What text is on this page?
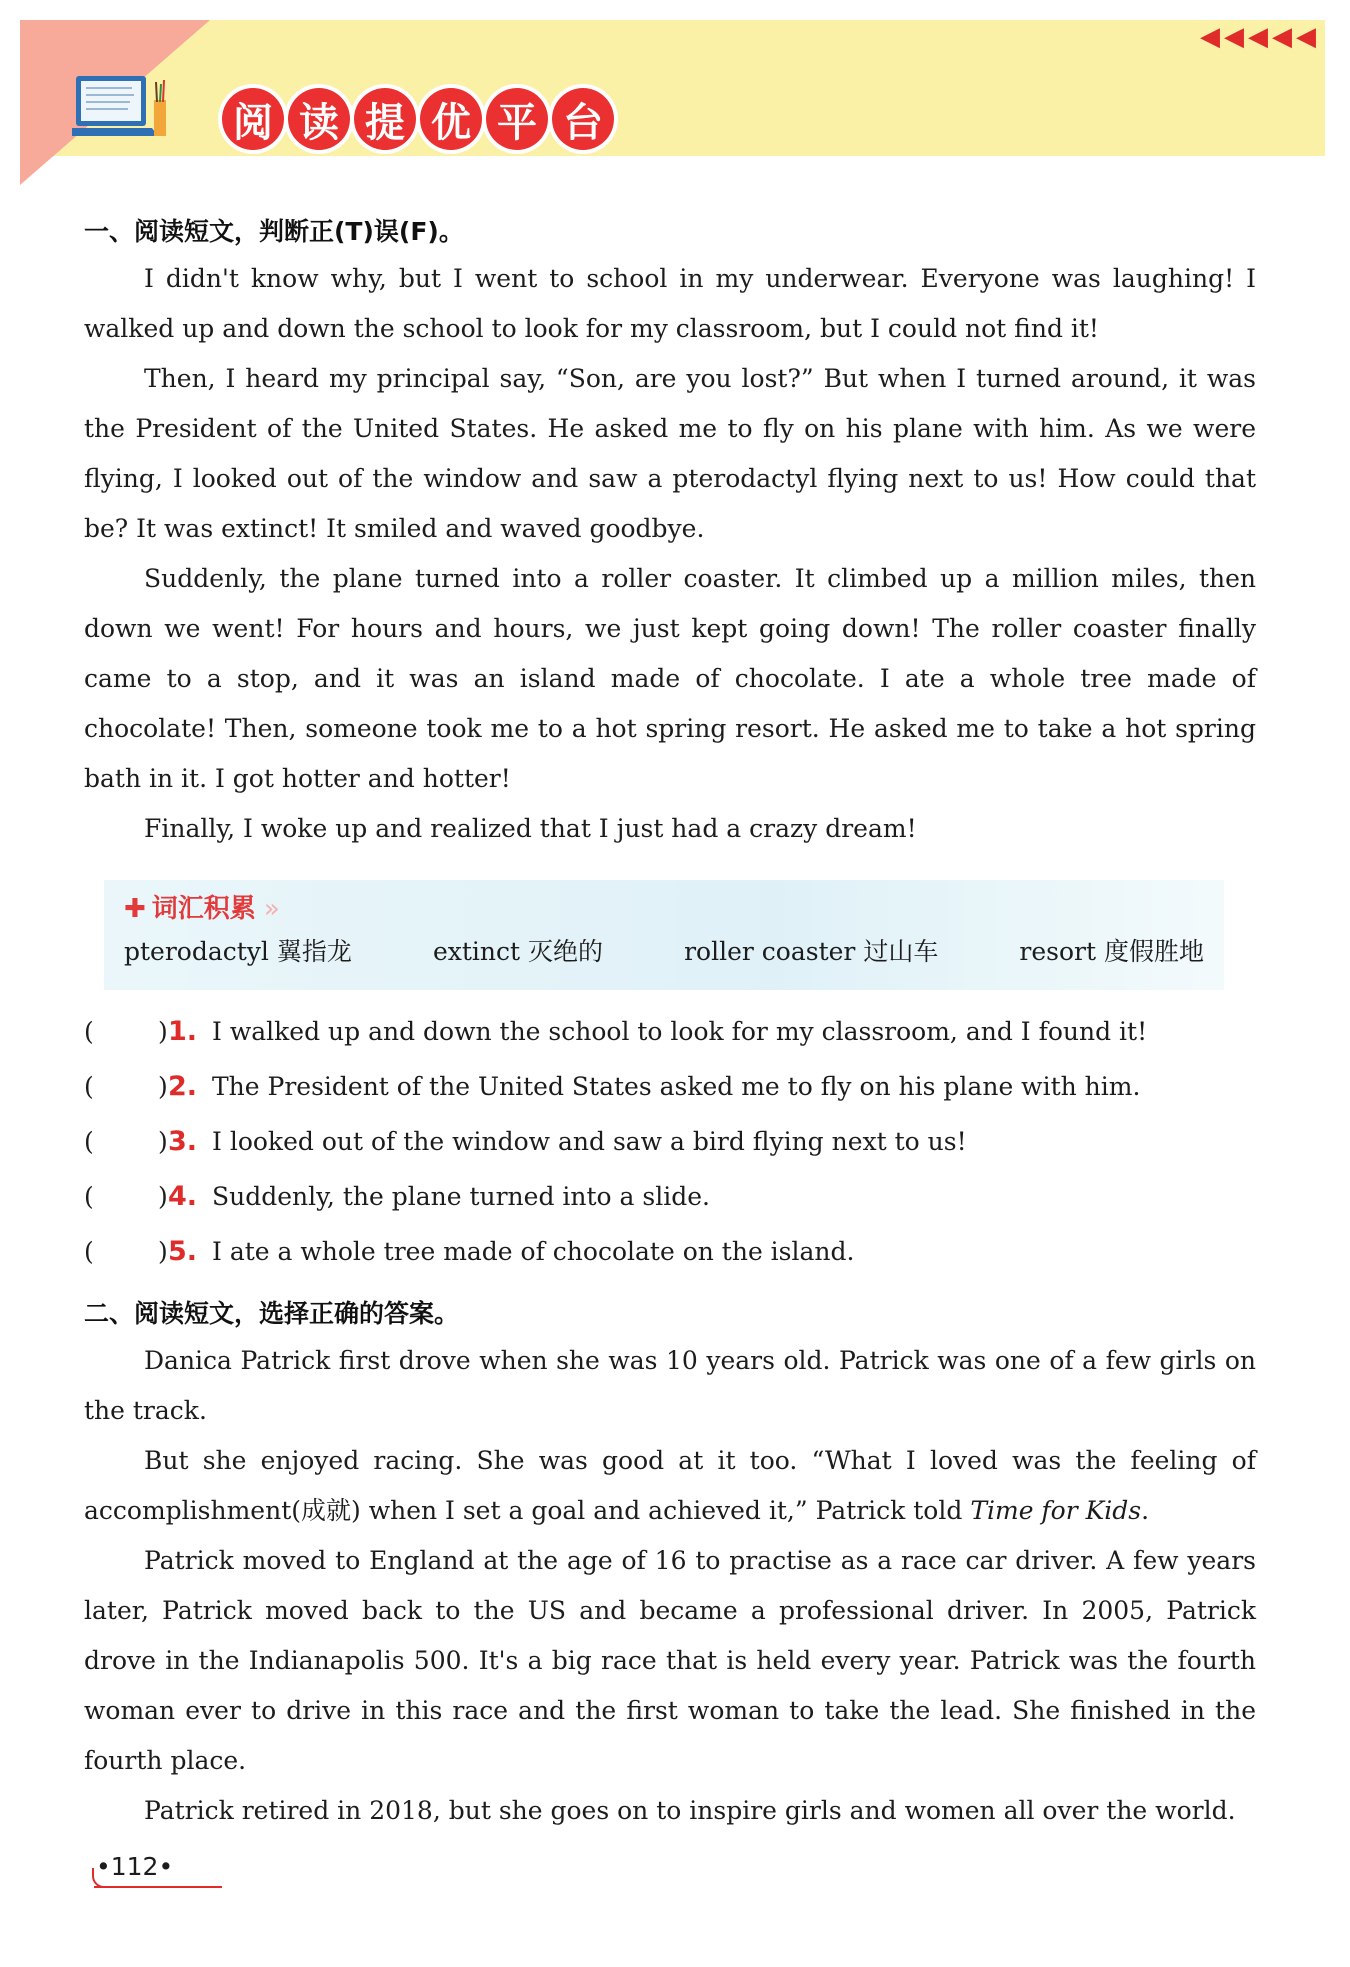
◀◀◀◀◀
阅 读 提 优 平 台
一、阅读短文，判断正(T)误(F)。

I didn't know why, but I went to school in my underwear. Everyone was laughing! I walked up and down the school to look for my classroom, but I could not find it!

Then, I heard my principal say, “Son, are you lost?” But when I turned around, it was the President of the United States. He asked me to fly on his plane with him. As we were flying, I looked out of the window and saw a pterodactyl flying next to us! How could that be? It was extinct! It smiled and waved goodbye.

Suddenly, the plane turned into a roller coaster. It climbed up a million miles, then down we went! For hours and hours, we just kept going down! The roller coaster finally came to a stop, and it was an island made of chocolate. I ate a whole tree made of chocolate! Then, someone took me to a hot spring resort. He asked me to take a hot spring bath in it. I got hotter and hotter!

Finally, I woke up and realized that I just had a crazy dream!

✚ 词汇积累 »
pterodactyl 翼指龙	extinct 灭绝的	roller coaster 过山车	resort 度假胜地
(	) 1. I walked up and down the school to look for my classroom, and I found it!
(	) 2. The President of the United States asked me to fly on his plane with him.
(	) 3. I looked out of the window and saw a bird flying next to us!
(	) 4. Suddenly, the plane turned into a slide.
(	) 5. I ate a whole tree made of chocolate on the island.
二、阅读短文，选择正确的答案。

Danica Patrick first drove when she was 10 years old. Patrick was one of a few girls on the track.

But she enjoyed racing. She was good at it too. “What I loved was the feeling of accomplishment(成就) when I set a goal and achieved it,” Patrick told Time for Kids.

Patrick moved to England at the age of 16 to practise as a race car driver. A few years later, Patrick moved back to the US and became a professional driver. In 2005, Patrick drove in the Indianapolis 500. It's a big race that is held every year. Patrick was the fourth woman ever to drive in this race and the first woman to take the lead. She finished in the fourth place.

Patrick retired in 2018, but she goes on to inspire girls and women all over the world.

•112•
